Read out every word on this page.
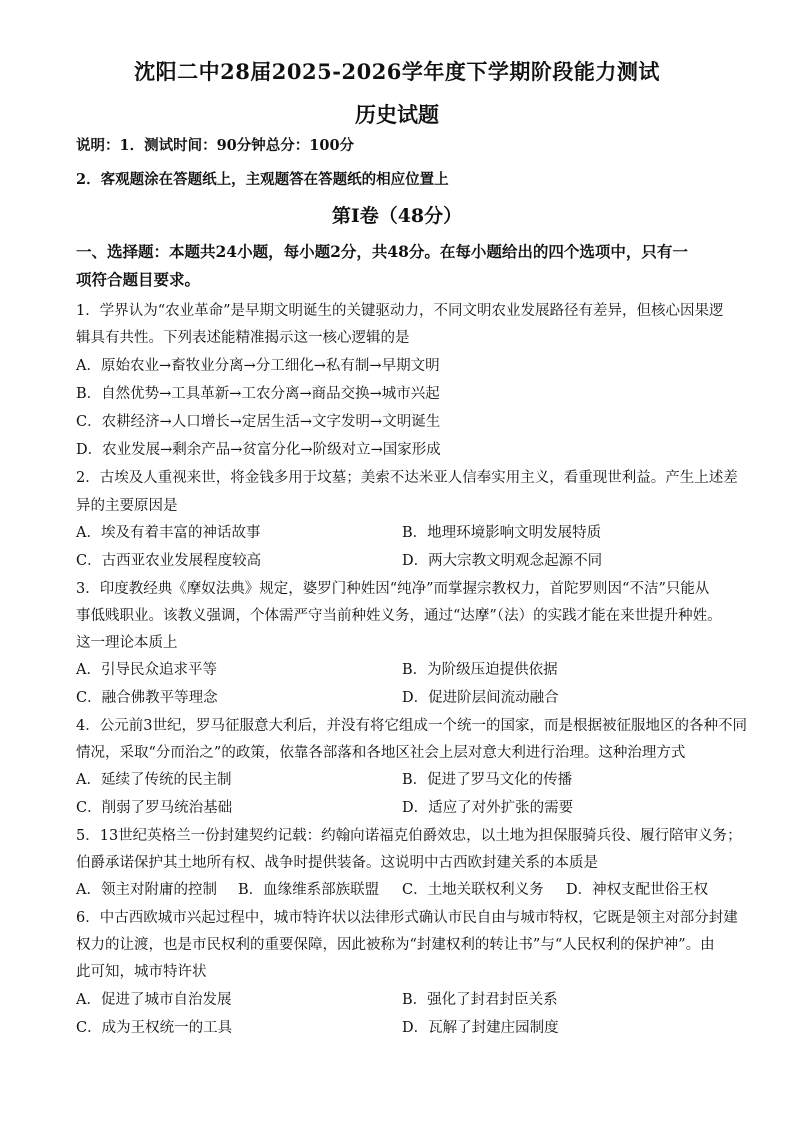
沈阳二中28届2025-2026学年度下学期阶段能力测试
历史试题
说明：1．测试时间：90分钟总分：100分
2．客观题涂在答题纸上，主观题答在答题纸的相应位置上
第Ⅰ卷（48分）
一、选择题：本题共24小题，每小题2分，共48分。在每小题给出的四个选项中，只有一
项符合题目要求。
1．学界认为“农业革命”是早期文明诞生的关键驱动力，不同文明农业发展路径有差异，但核心因果逻
辑具有共性。下列表述能精准揭示这一核心逻辑的是
A．原始农业→畜牧业分离→分工细化→私有制→早期文明
B．自然优势→工具革新→工农分离→商品交换→城市兴起
C．农耕经济→人口增长→定居生活→文字发明→文明诞生
D．农业发展→剩余产品→贫富分化→阶级对立→国家形成
2．古埃及人重视来世，将金钱多用于坟墓；美索不达米亚人信奉实用主义，看重现世利益。产生上述差
异的主要原因是
A．埃及有着丰富的神话故事	B．地理环境影响文明发展特质
C．古西亚农业发展程度较高	D．两大宗教文明观念起源不同
3．印度教经典《摩奴法典》规定，婆罗门种姓因“纯净”而掌握宗教权力，首陀罗则因“不洁”只能从
事低贱职业。该教义强调，个体需严守当前种姓义务，通过“达摩”（法）的实践才能在来世提升种姓。
这一理论本质上
A．引导民众追求平等	B．为阶级压迫提供依据
C．融合佛教平等理念	D．促进阶层间流动融合
4．公元前3世纪，罗马征服意大利后，并没有将它组成一个统一的国家，而是根据被征服地区的各种不同
情况，采取“分而治之”的政策，依靠各部落和各地区社会上层对意大利进行治理。这种治理方式
A．延续了传统的民主制	B．促进了罗马文化的传播
C．削弱了罗马统治基础	D．适应了对外扩张的需要
5．13世纪英格兰一份封建契约记载：约翰向诺福克伯爵效忠，以土地为担保服骑兵役、履行陪审义务；
伯爵承诺保护其土地所有权、战争时提供装备。这说明中古西欧封建关系的本质是
A．领主对附庸的控制 B．血缘维系部族联盟 C．土地关联权利义务 D．神权支配世俗王权
6．中古西欧城市兴起过程中，城市特许状以法律形式确认市民自由与城市特权，它既是领主对部分封建
权力的让渡，也是市民权利的重要保障，因此被称为“封建权利的转让书”与“人民权利的保护神”。由
此可知，城市特许状
A．促进了城市自治发展	B．强化了封君封臣关系
C．成为王权统一的工具	D．瓦解了封建庄园制度
